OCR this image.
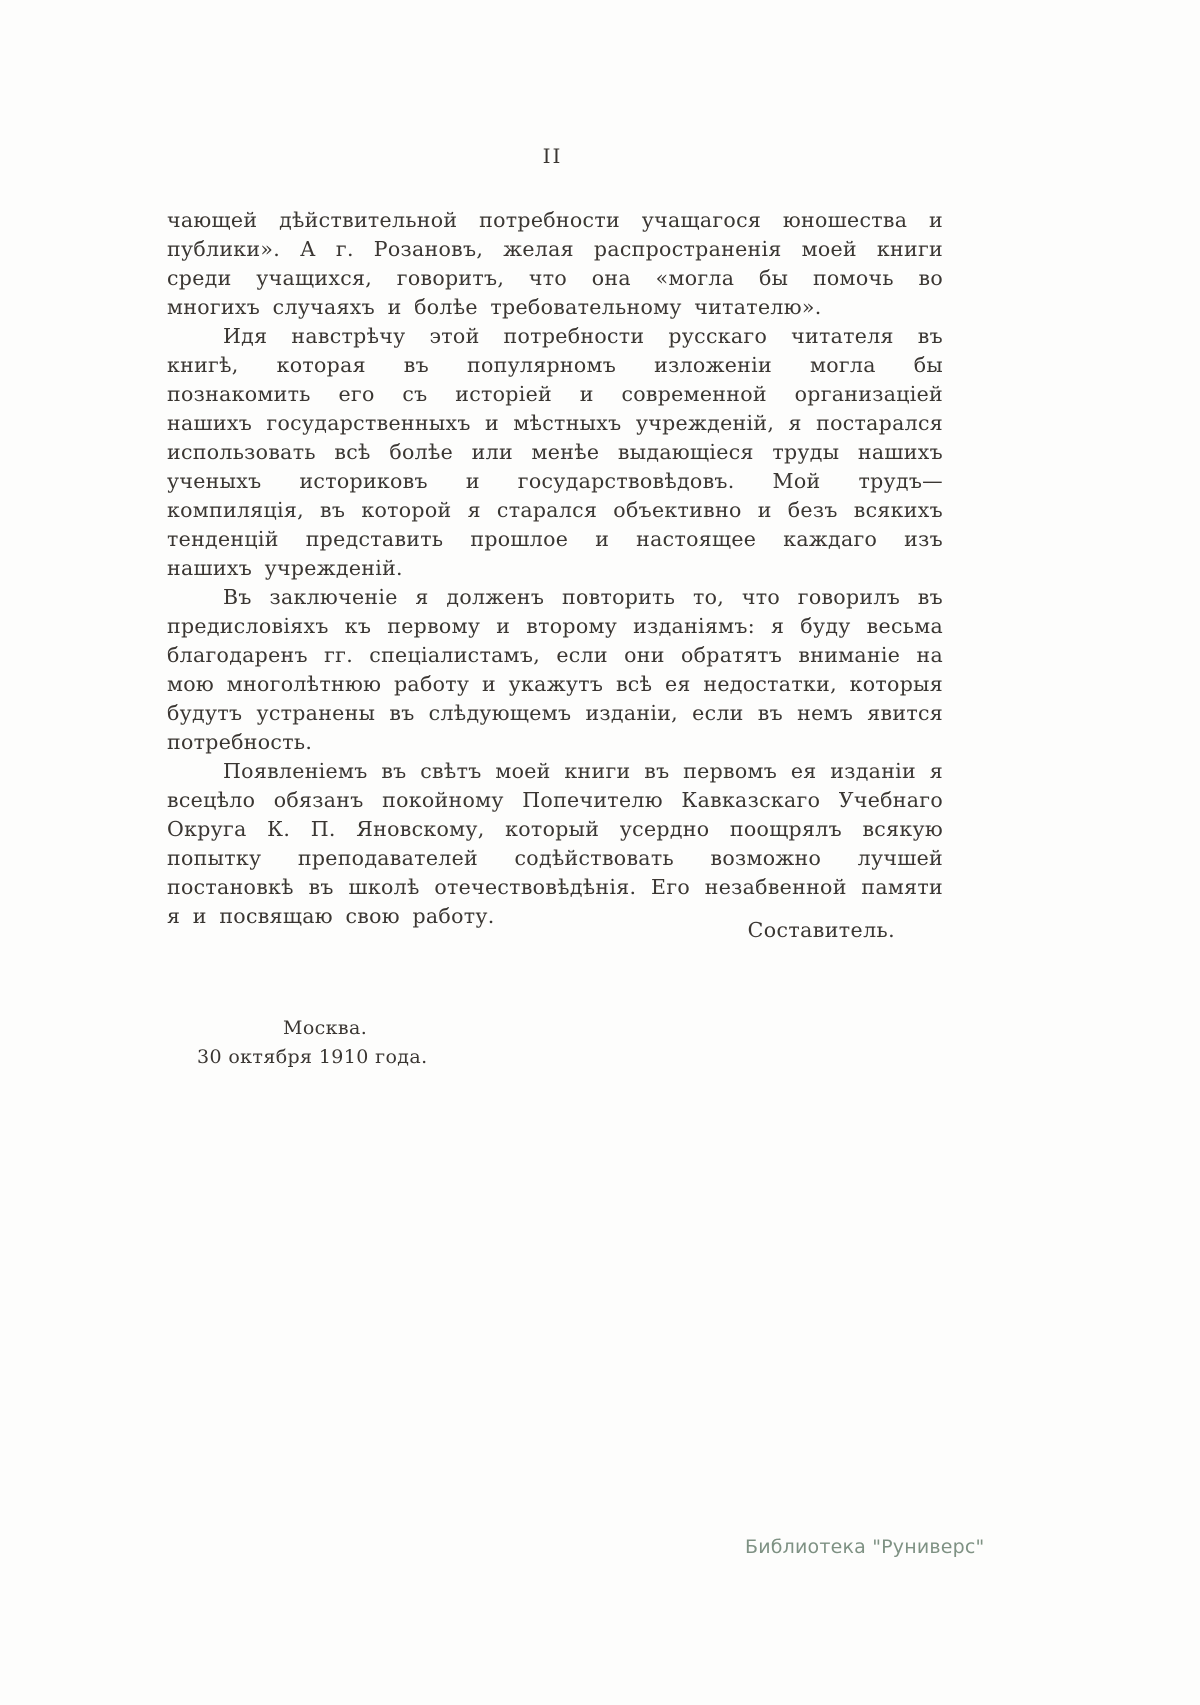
II

чающей дѣйствительной потребности учащагося юношества и публики». А г. Розановъ, желая распространенія моей книги среди учащихся, говоритъ, что она «могла бы помочь во многихъ случаяхъ и болѣе требовательному читателю».

Идя навстрѣчу этой потребности русскаго читателя въ книгѣ, которая въ популярномъ изложеніи могла бы познакомить его съ исторіей и современной организаціей нашихъ государственныхъ и мѣстныхъ учрежденій, я постарался использовать всѣ болѣе или менѣе выдающіеся труды нашихъ ученыхъ историковъ и государствовѣдовъ. Мой трудъ—компиляція, въ которой я старался объективно и безъ всякихъ тенденцій представить прошлое и настоящее каждаго изъ нашихъ учрежденій.

Въ заключеніе я долженъ повторить то, что говорилъ въ предисловіяхъ къ первому и второму изданіямъ: я буду весьма благодаренъ гг. спеціалистамъ, если они обратятъ вниманіе на мою многолѣтнюю работу и укажутъ всѣ ея недостатки, которыя будутъ устранены въ слѣдующемъ изданіи, если въ немъ явится потребность.

Появленіемъ въ свѣтъ моей книги въ первомъ ея изданіи я всецѣло обязанъ покойному Попечителю Кавказскаго Учебнаго Округа К. П. Яновскому, который усердно поощрялъ всякую попытку преподавателей содѣйствовать возможно лучшей постановкѣ въ школѣ отечествовѣдѣнія. Его незабвенной памяти я и посвящаю свою работу.

Составитель.
Москва.
30 октября 1910 года.
Библиотека "Руниверс"
